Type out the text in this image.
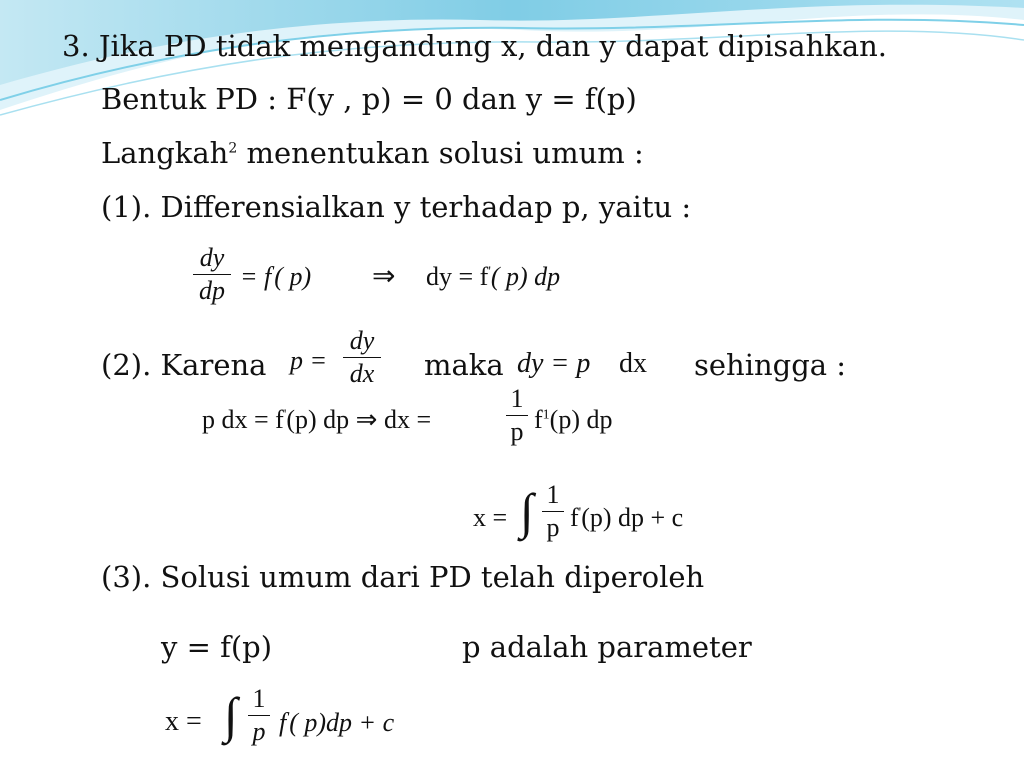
3. Jika PD tidak mengandung x, dan y dapat dipisahkan.
Bentuk PD : F(y , p) = 0 dan y = f(p)
Langkah$^2$ menentukan solusi umum :
(1). Differensialkan y terhadap p, yaitu :
dy
dp = f'( p) ⇒ dy = f'( p) dp
(2). Karena p =
dy
dx maka dy = p dx sehingga :
p dx = f'(p) dp ⇒ dx =
1
p $f^1(p)$ dp
x = ∫ 1
p f'(p) dp + c
(3). Solusi umum dari PD telah diperoleh
y = f(p)	p adalah parameter
x = ∫ 1
p f'( p)dp + c
